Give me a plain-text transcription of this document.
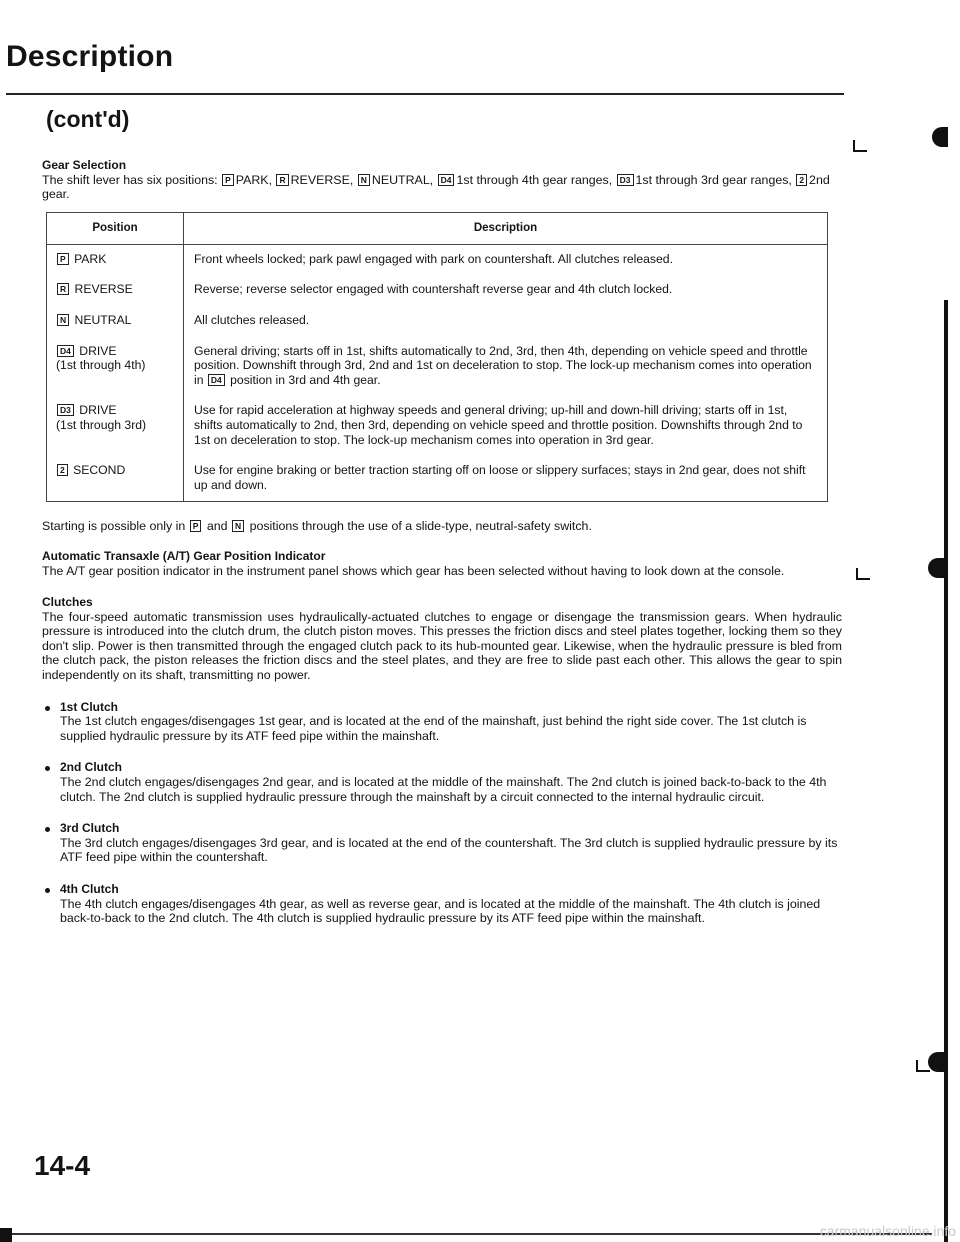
Description
(cont'd)

Gear Selection

The shift lever has six positions: P PARK, R REVERSE, N NEUTRAL, D4 1st through 4th gear ranges, D3 1st through 3rd gear ranges, 2 2nd gear.

Position	Description
P PARK	Front wheels locked; park pawl engaged with park on countershaft. All clutches released.
R REVERSE	Reverse; reverse selector engaged with countershaft reverse gear and 4th clutch locked.
N NEUTRAL	All clutches released.
D4 DRIVE
(1st through 4th)	General driving; starts off in 1st, shifts automatically to 2nd, 3rd, then 4th, depending on vehicle speed and throttle position. Downshift through 3rd, 2nd and 1st on deceleration to stop. The lock-up mechanism comes into operation in D4 position in 3rd and 4th gear.
D3 DRIVE
(1st through 3rd)	Use for rapid acceleration at highway speeds and general driving; up-hill and down-hill driving; starts off in 1st, shifts automatically to 2nd, then 3rd, depending on vehicle speed and throttle position. Downshifts through 2nd to 1st on deceleration to stop. The lock-up mechanism comes into operation in 3rd gear.
2 SECOND	Use for engine braking or better traction starting off on loose or slippery surfaces; stays in 2nd gear, does not shift up and down.

Starting is possible only in P and N positions through the use of a slide-type, neutral-safety switch.

Automatic Transaxle (A/T) Gear Position Indicator

The A/T gear position indicator in the instrument panel shows which gear has been selected without having to look down at the console.

Clutches

The four-speed automatic transmission uses hydraulically-actuated clutches to engage or disengage the transmission gears. When hydraulic pressure is introduced into the clutch drum, the clutch piston moves. This presses the friction discs and steel plates together, locking them so they don't slip. Power is then transmitted through the engaged clutch pack to its hub-mounted gear. Likewise, when the hydraulic pressure is bled from the clutch pack, the piston releases the friction discs and the steel plates, and they are free to slide past each other. This allows the gear to spin independently on its shaft, transmitting no power.

1st Clutch

The 1st clutch engages/disengages 1st gear, and is located at the end of the mainshaft, just behind the right side cover. The 1st clutch is supplied hydraulic pressure by its ATF feed pipe within the mainshaft.

2nd Clutch

The 2nd clutch engages/disengages 2nd gear, and is located at the middle of the mainshaft. The 2nd clutch is joined back-to-back to the 4th clutch. The 2nd clutch is supplied hydraulic pressure through the mainshaft by a circuit connected to the internal hydraulic circuit.

3rd Clutch

The 3rd clutch engages/disengages 3rd gear, and is located at the end of the countershaft. The 3rd clutch is supplied hydraulic pressure by its ATF feed pipe within the countershaft.

4th Clutch

The 4th clutch engages/disengages 4th gear, as well as reverse gear, and is located at the middle of the mainshaft. The 4th clutch is joined back-to-back to the 2nd clutch. The 4th clutch is supplied hydraulic pressure by its ATF feed pipe within the mainshaft.

14-4
carmanualsonline.info
